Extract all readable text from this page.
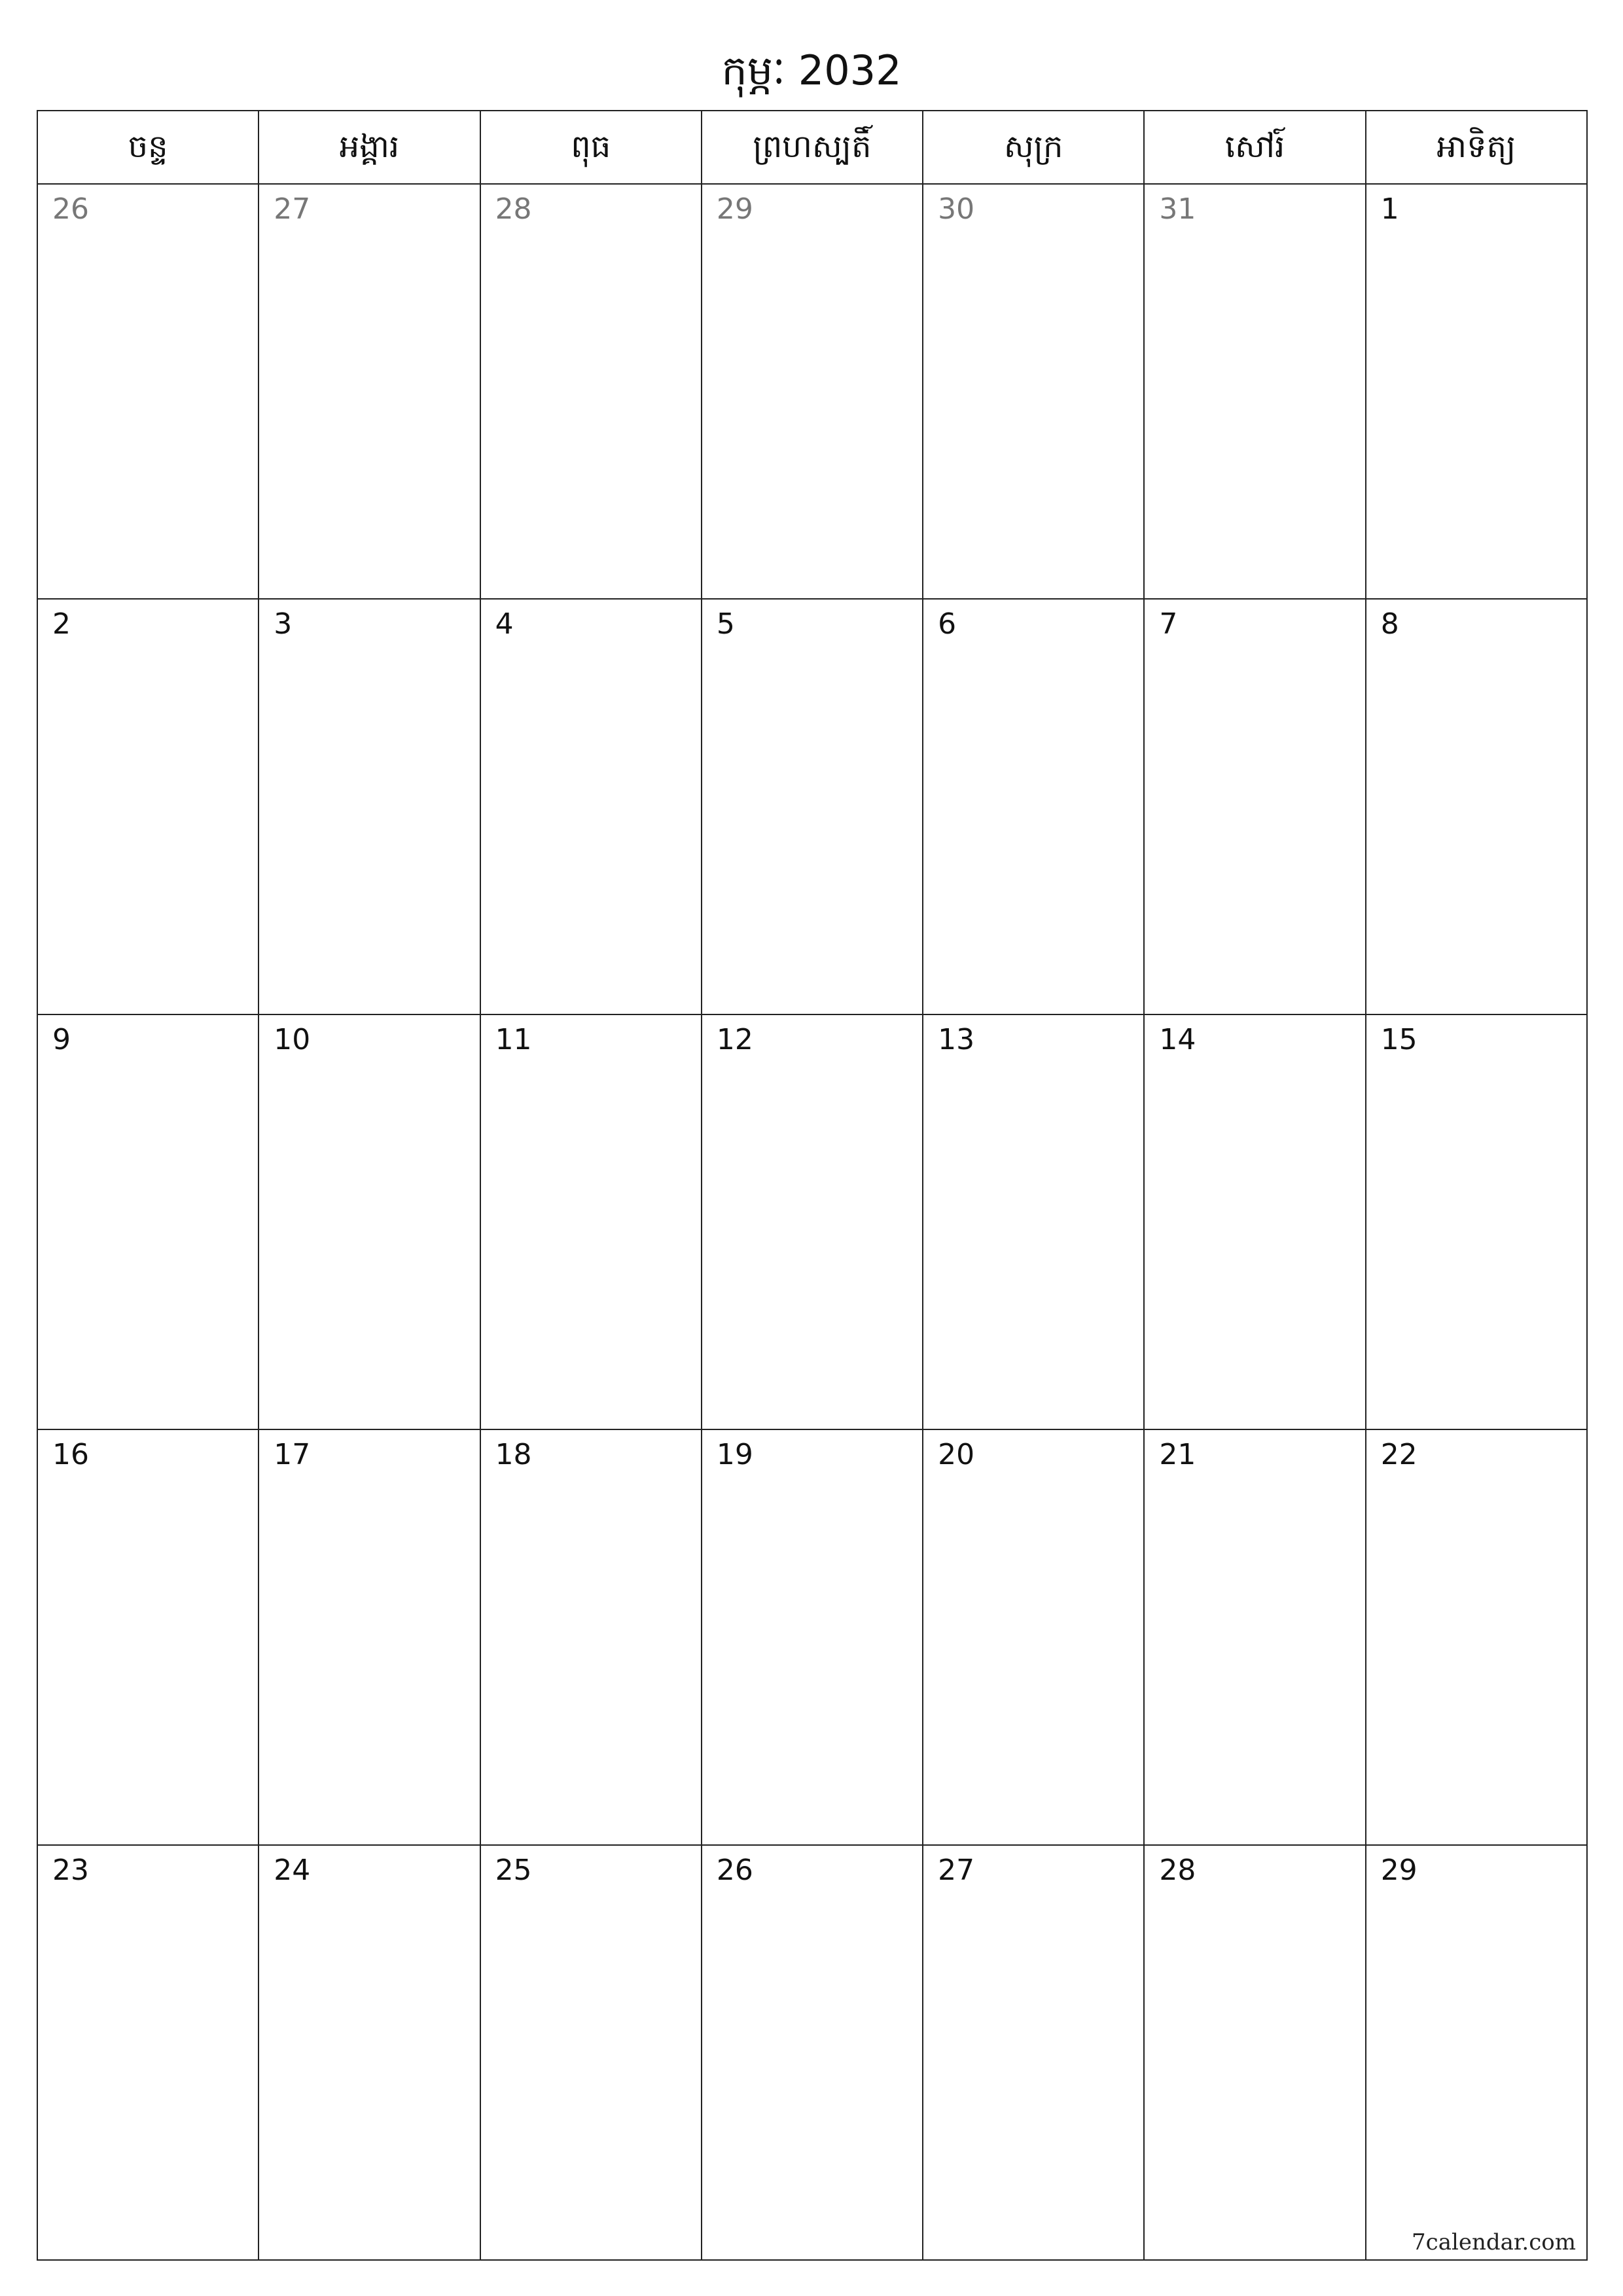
កុម្ភៈ 2032
ចន្ទ	អង្គារ	ពុធ	ព្រហស្បតិ៍	សុក្រ	សៅរ៍	អាទិត្យ
26	27	28	29	30	31	1
2	3	4	5	6	7	8
9	10	11	12	13	14	15
16	17	18	19	20	21	22
23	24	25	26	27	28	29
7calendar.com
